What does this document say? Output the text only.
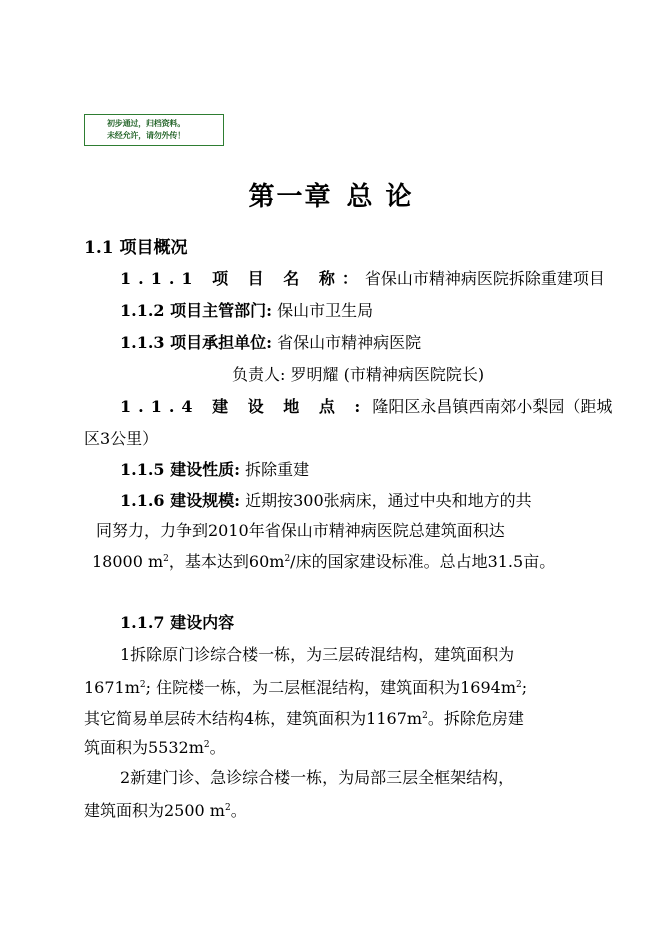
初步通过，归档资料。
未经允许，请勿外传！
第一章 总 论
1.1 项目概况
1.1.1 项 目 名 称：省保山市精神病医院拆除重建项目
1.1.2 项目主管部门: 保山市卫生局
1.1.3 项目承担单位: 省保山市精神病医院
负责人: 罗明耀 (市精神病医院院长)
1.1.4 建 设 地 点 : 隆阳区永昌镇西南郊小梨园（距城
区3公里）
1.1.5 建设性质: 拆除重建
1.1.6 建设规模: 近期按300张病床，通过中央和地方的共
同努力，力争到2010年省保山市精神病医院总建筑面积达
18000 $m^2$，基本达到$60m^2/$床的国家建设标准。总占地31.5亩。
1.1.7 建设内容
1拆除原门诊综合楼一栋，为三层砖混结构，建筑面积为
$1671m^2$; 住院楼一栋，为二层框混结构，建筑面积为$1694m^2$;
其它简易单层砖木结构4栋，建筑面积为$1167m^2$。拆除危房建
筑面积为$5532m^2$。
2新建门诊、急诊综合楼一栋，为局部三层全框架结构，
建筑面积为2500 $m^2$。
